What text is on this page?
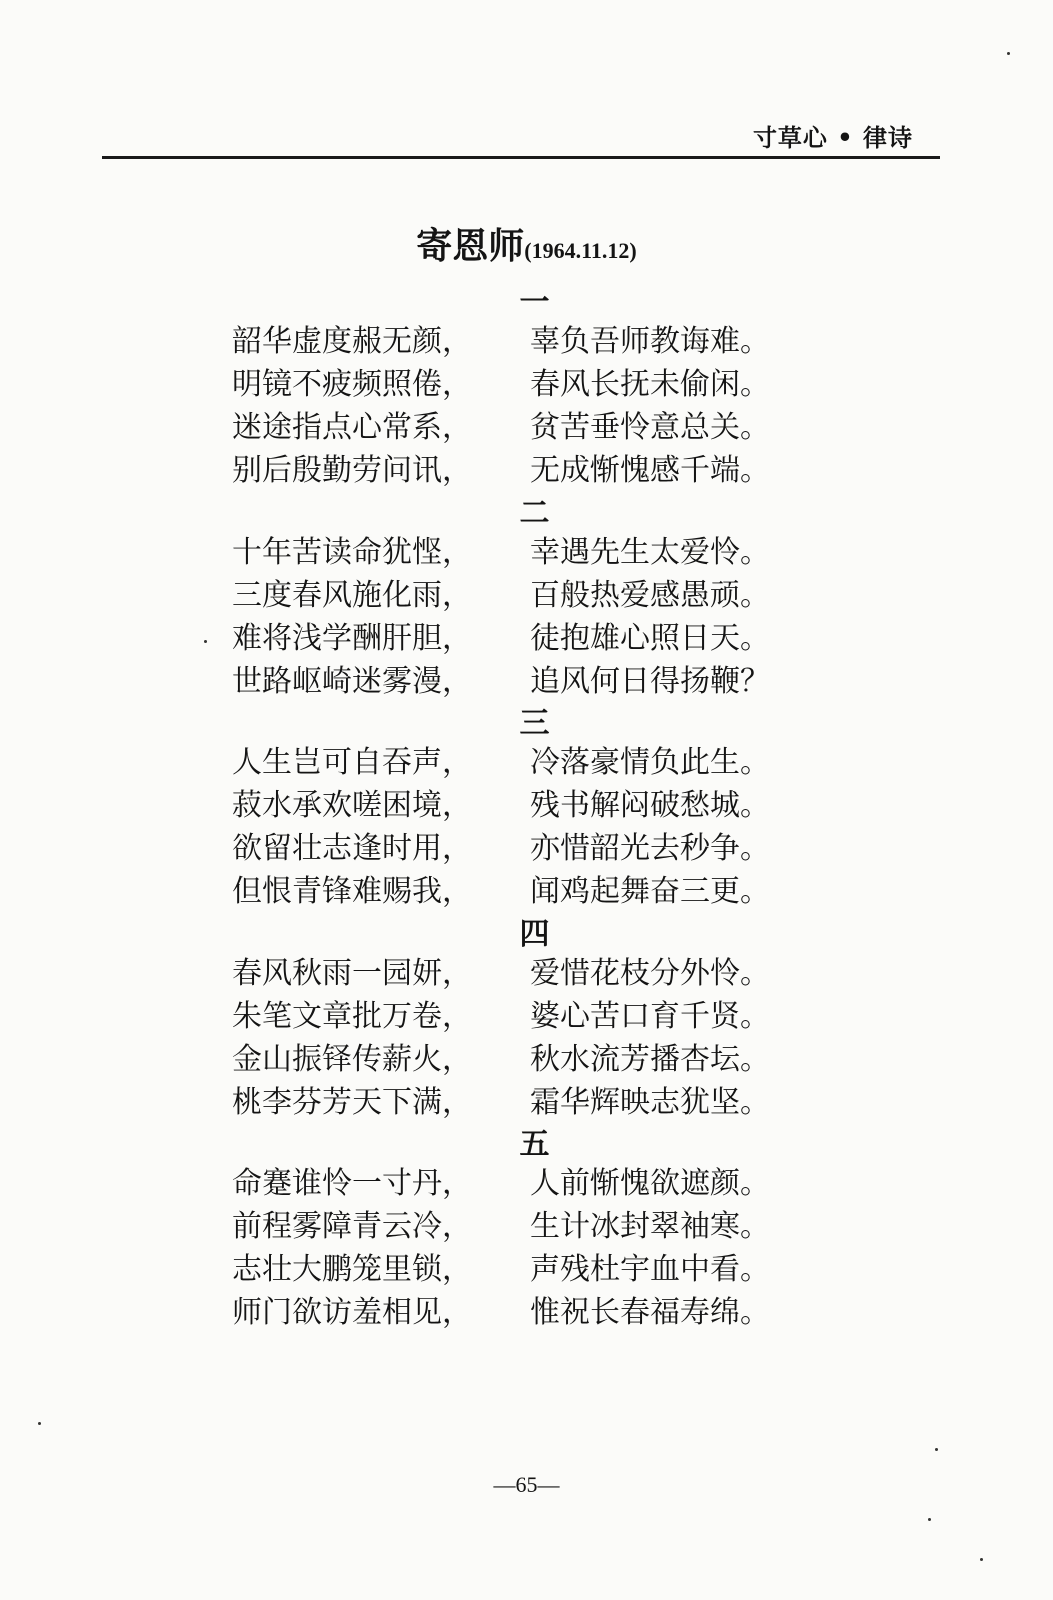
寸草心 • 律诗
寄恩师(1964.11.12)
一
韶华虚度赧无颜， 辜负吾师教诲难。
明镜不疲频照倦， 春风长抚未偷闲。
迷途指点心常系， 贫苦垂怜意总关。
别后殷勤劳问讯， 无成惭愧感千端。
二
十年苦读命犹悭， 幸遇先生太爱怜。
三度春风施化雨， 百般热爱感愚顽。
难将浅学酬肝胆， 徒抱雄心照日天。
世路岖崎迷雾漫， 追风何日得扬鞭？
三
人生岂可自吞声， 冷落豪情负此生。
菽水承欢嗟困境， 残书解闷破愁城。
欲留壮志逢时用， 亦惜韶光去秒争。
但恨青锋难赐我， 闻鸡起舞奋三更。
四
春风秋雨一园妍， 爱惜花枝分外怜。
朱笔文章批万卷， 婆心苦口育千贤。
金山振铎传薪火， 秋水流芳播杏坛。
桃李芬芳天下满， 霜华辉映志犹坚。
五
命蹇谁怜一寸丹， 人前惭愧欲遮颜。
前程雾障青云冷， 生计冰封翠袖寒。
志壮大鹏笼里锁， 声残杜宇血中看。
师门欲访羞相见， 惟祝长春福寿绵。
—65—
